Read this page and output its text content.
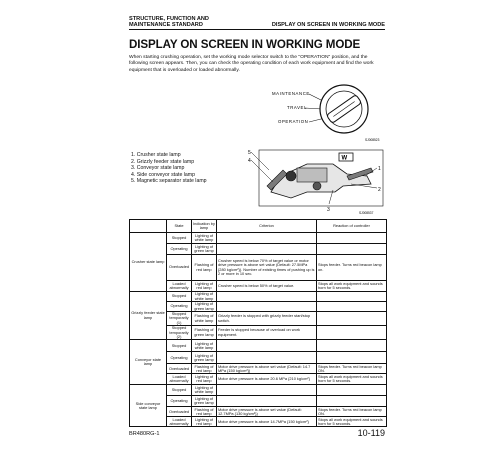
STRUCTURE, FUNCTION AND
MAINTENANCE STANDARD	DISPLAY ON SCREEN IN WORKING MODE
DISPLAY ON SCREEN IN WORKING MODE
When starting crushing operation, set the working mode selector switch to the "OPERATION" position, and the following screen appears. Then, you can check the operating condition of each work equipment and find the work equipment that is overloaded or loaded abnormally.
MAINTENANCE
TRAVEL
OPERATION
SJ008523
1. Crusher state lamp
2. Grizzly feeder state lamp
3. Conveyor state lamp
4. Side conveyor state lamp
5. Magnetic separator state lamp
W
5
4
1
2
3	SJ008537
	State	Indication by lamp	Criterion	Reaction of controller
Crusher state lamp	Stopped	Lighting of white lamp		
	Operating	Lighting of green lamp		
	Overloaded	Flashing of red lamp	Crusher speed is below 70% of target value or motor drive pressure is above set value (Default: 27.5MPa {280 kg/cm²}). Number of existing times of pushing up is 2 or more in 10 sec.	Stops feeder. Turns red beacon lamp on.
	Loaded abnormally	Lighting of red lamp	Crusher speed is below 50% of target value.	Stops all work equipment and sounds horn for 5 seconds.
Grizzly feeder state lamp	Stopped	Lighting of white lamp		
	Operating	Lighting of green lamp		
	Stopped temporarily (1)	Flashing of white lamp	Grizzly feeder is stopped with grizzly feeder start/stop switch.	
	Stopped temporarily (2)	Flashing of green lamp	Feeder is stopped because of overload on work equipment.	
Conveyor state lamp	Stopped	Lighting of white lamp		
	Operating	Lighting of green lamp		
	Overloaded	Flashing of red lamp	Motor drive pressure is above set value (Default: 14.7 MPa {150 kg/cm²})	Stops feeder. Turns red beacon lamp ON.
	Loaded abnormally	Lighting of red lamp	Motor drive pressure is above 20.6 MPa {210 kg/cm²}	Stops all work equipment and sounds horn for 5 seconds.
Side conveyor state lamp	Stopped	Lighting of white lamp		
	Operating	Lighting of green lamp		
	Overloaded	Flashing of red lamp	Motor drive pressure is above set value (Default: 12.7MPa {130 kg/cm²})	Stops feeder. Turns red beacon lamp ON.
	Loaded abnormally	Lighting of red lamp	Motor drive pressure is above 14.7MPa {150 kg/cm²}	Stops all work equipment and sounds horn for 5 seconds.
BR480RG-1	10-119
